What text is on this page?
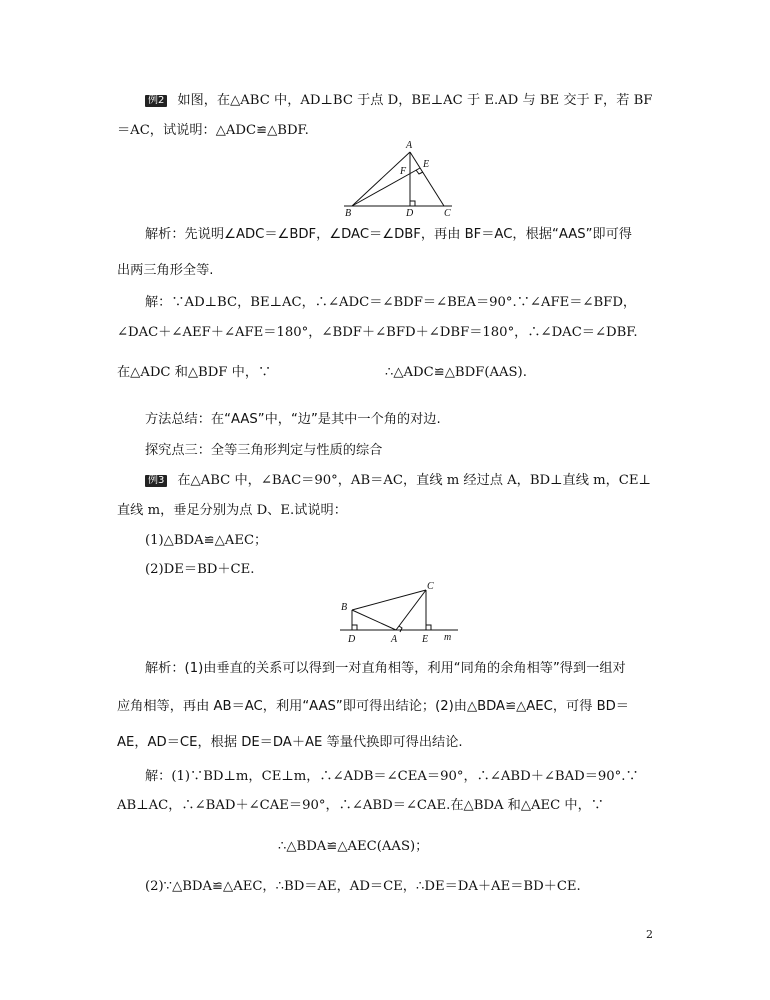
例2 如图，在△ABC 中，AD⊥BC 于点 D，BE⊥AC 于 E.AD 与 BE 交于 F，若 BF
＝AC，试说明：△ADC≌△BDF.
A
E
F
B	D	C
解析：先说明∠ADC＝∠BDF，∠DAC＝∠DBF，再由 BF＝AC，根据“AAS”即可得
出两三角形全等.
解：∵AD⊥BC，BE⊥AC，∴∠ADC＝∠BDF＝∠BEA＝90°.∵∠AFE＝∠BFD，
∠DAC＋∠AEF＋∠AFE＝180°，∠BDF＋∠BFD＋∠DBF＝180°，∴∠DAC＝∠DBF.
在△ADC 和△BDF 中，∵	∴△ADC≌△BDF(AAS).
方法总结：在“AAS”中，“边”是其中一个角的对边.
探究点三：全等三角形判定与性质的综合
例3 在△ABC 中，∠BAC＝90°，AB＝AC，直线 m 经过点 A，BD⊥直线 m，CE⊥
直线 m，垂足分别为点 D、E.试说明：
(1)△BDA≌△AEC；
(2)DE＝BD＋CE.
C
B
D	A E m
解析：(1)由垂直的关系可以得到一对直角相等，利用“同角的余角相等”得到一组对
应角相等，再由 AB＝AC，利用“AAS”即可得出结论；(2)由△BDA≌△AEC，可得 BD＝
AE，AD＝CE，根据 DE＝DA＋AE 等量代换即可得出结论.
解：(1)∵BD⊥m，CE⊥m，∴∠ADB＝∠CEA＝90°，∴∠ABD＋∠BAD＝90°.∵
AB⊥AC，∴∠BAD＋∠CAE＝90°，∴∠ABD＝∠CAE.在△BDA 和△AEC 中，∵
∴△BDA≌△AEC(AAS)；
(2)∵△BDA≌△AEC，∴BD＝AE，AD＝CE，∴DE＝DA＋AE＝BD＋CE.
2
